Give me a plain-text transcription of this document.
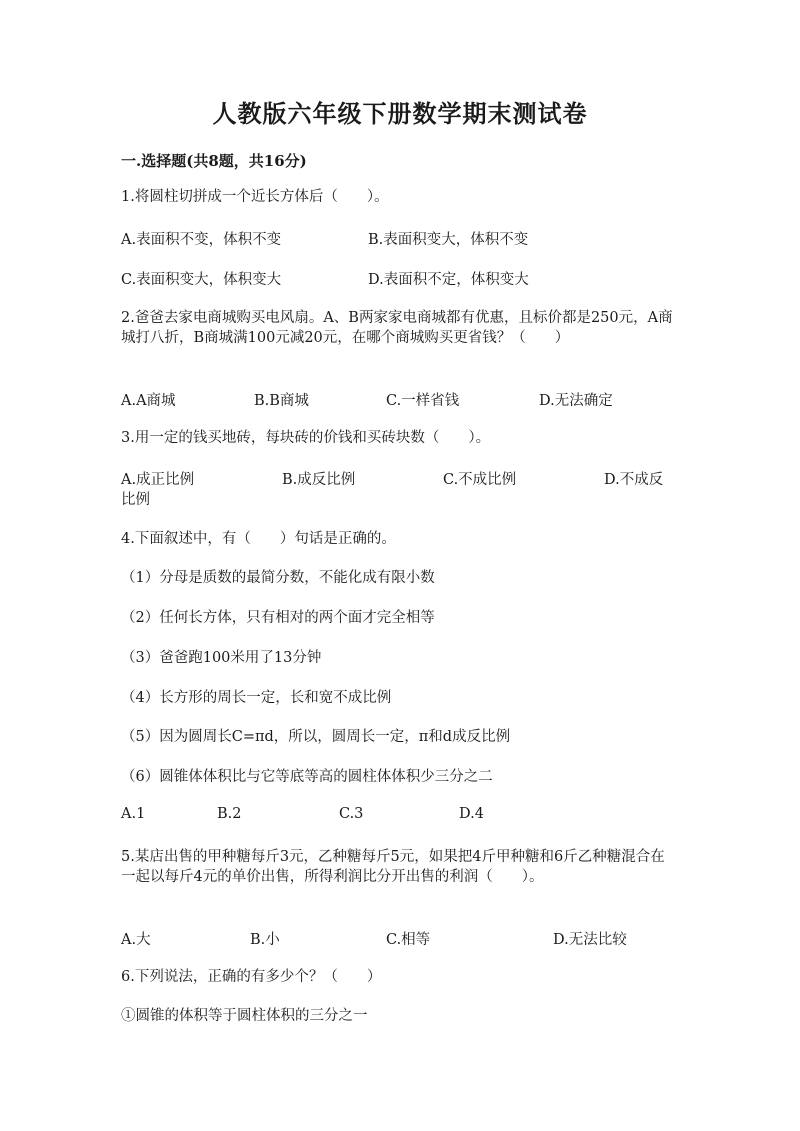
人教版六年级下册数学期末测试卷
一.选择题(共8题，共16分)
1.将圆柱切拼成一个近长方体后（　　）。
A.表面积不变，体积不变	B.表面积变大，体积不变
C.表面积变大，体积变大	D.表面积不定，体积变大
2.爸爸去家电商城购买电风扇。A、B两家家电商城都有优惠，且标价都是250元，A商城打八折，B商城满100元减20元，在哪个商城购买更省钱？（　　）
A.A商城	B.B商城	C.一样省钱	D.无法确定
3.用一定的钱买地砖，每块砖的价钱和买砖块数（　　）。
A.成正比例	B.成反比例	C.不成比例	D.不成反
比例
4.下面叙述中，有（　　）句话是正确的。
（1）分母是质数的最简分数，不能化成有限小数
（2）任何长方体，只有相对的两个面才完全相等
（3）爸爸跑100米用了13分钟
（4）长方形的周长一定，长和宽不成比例
（5）因为圆周长C=πd，所以，圆周长一定，π和d成反比例
（6）圆锥体体积比与它等底等高的圆柱体体积少三分之二
A.1	B.2	C.3	D.4
5.某店出售的甲种糖每斤3元，乙种糖每斤5元，如果把4斤甲种糖和6斤乙种糖混合在一起以每斤4元的单价出售，所得利润比分开出售的利润（　　）。
A.大	B.小	C.相等	D.无法比较
6.下列说法，正确的有多少个？（　　）
①圆锥的体积等于圆柱体积的三分之一
